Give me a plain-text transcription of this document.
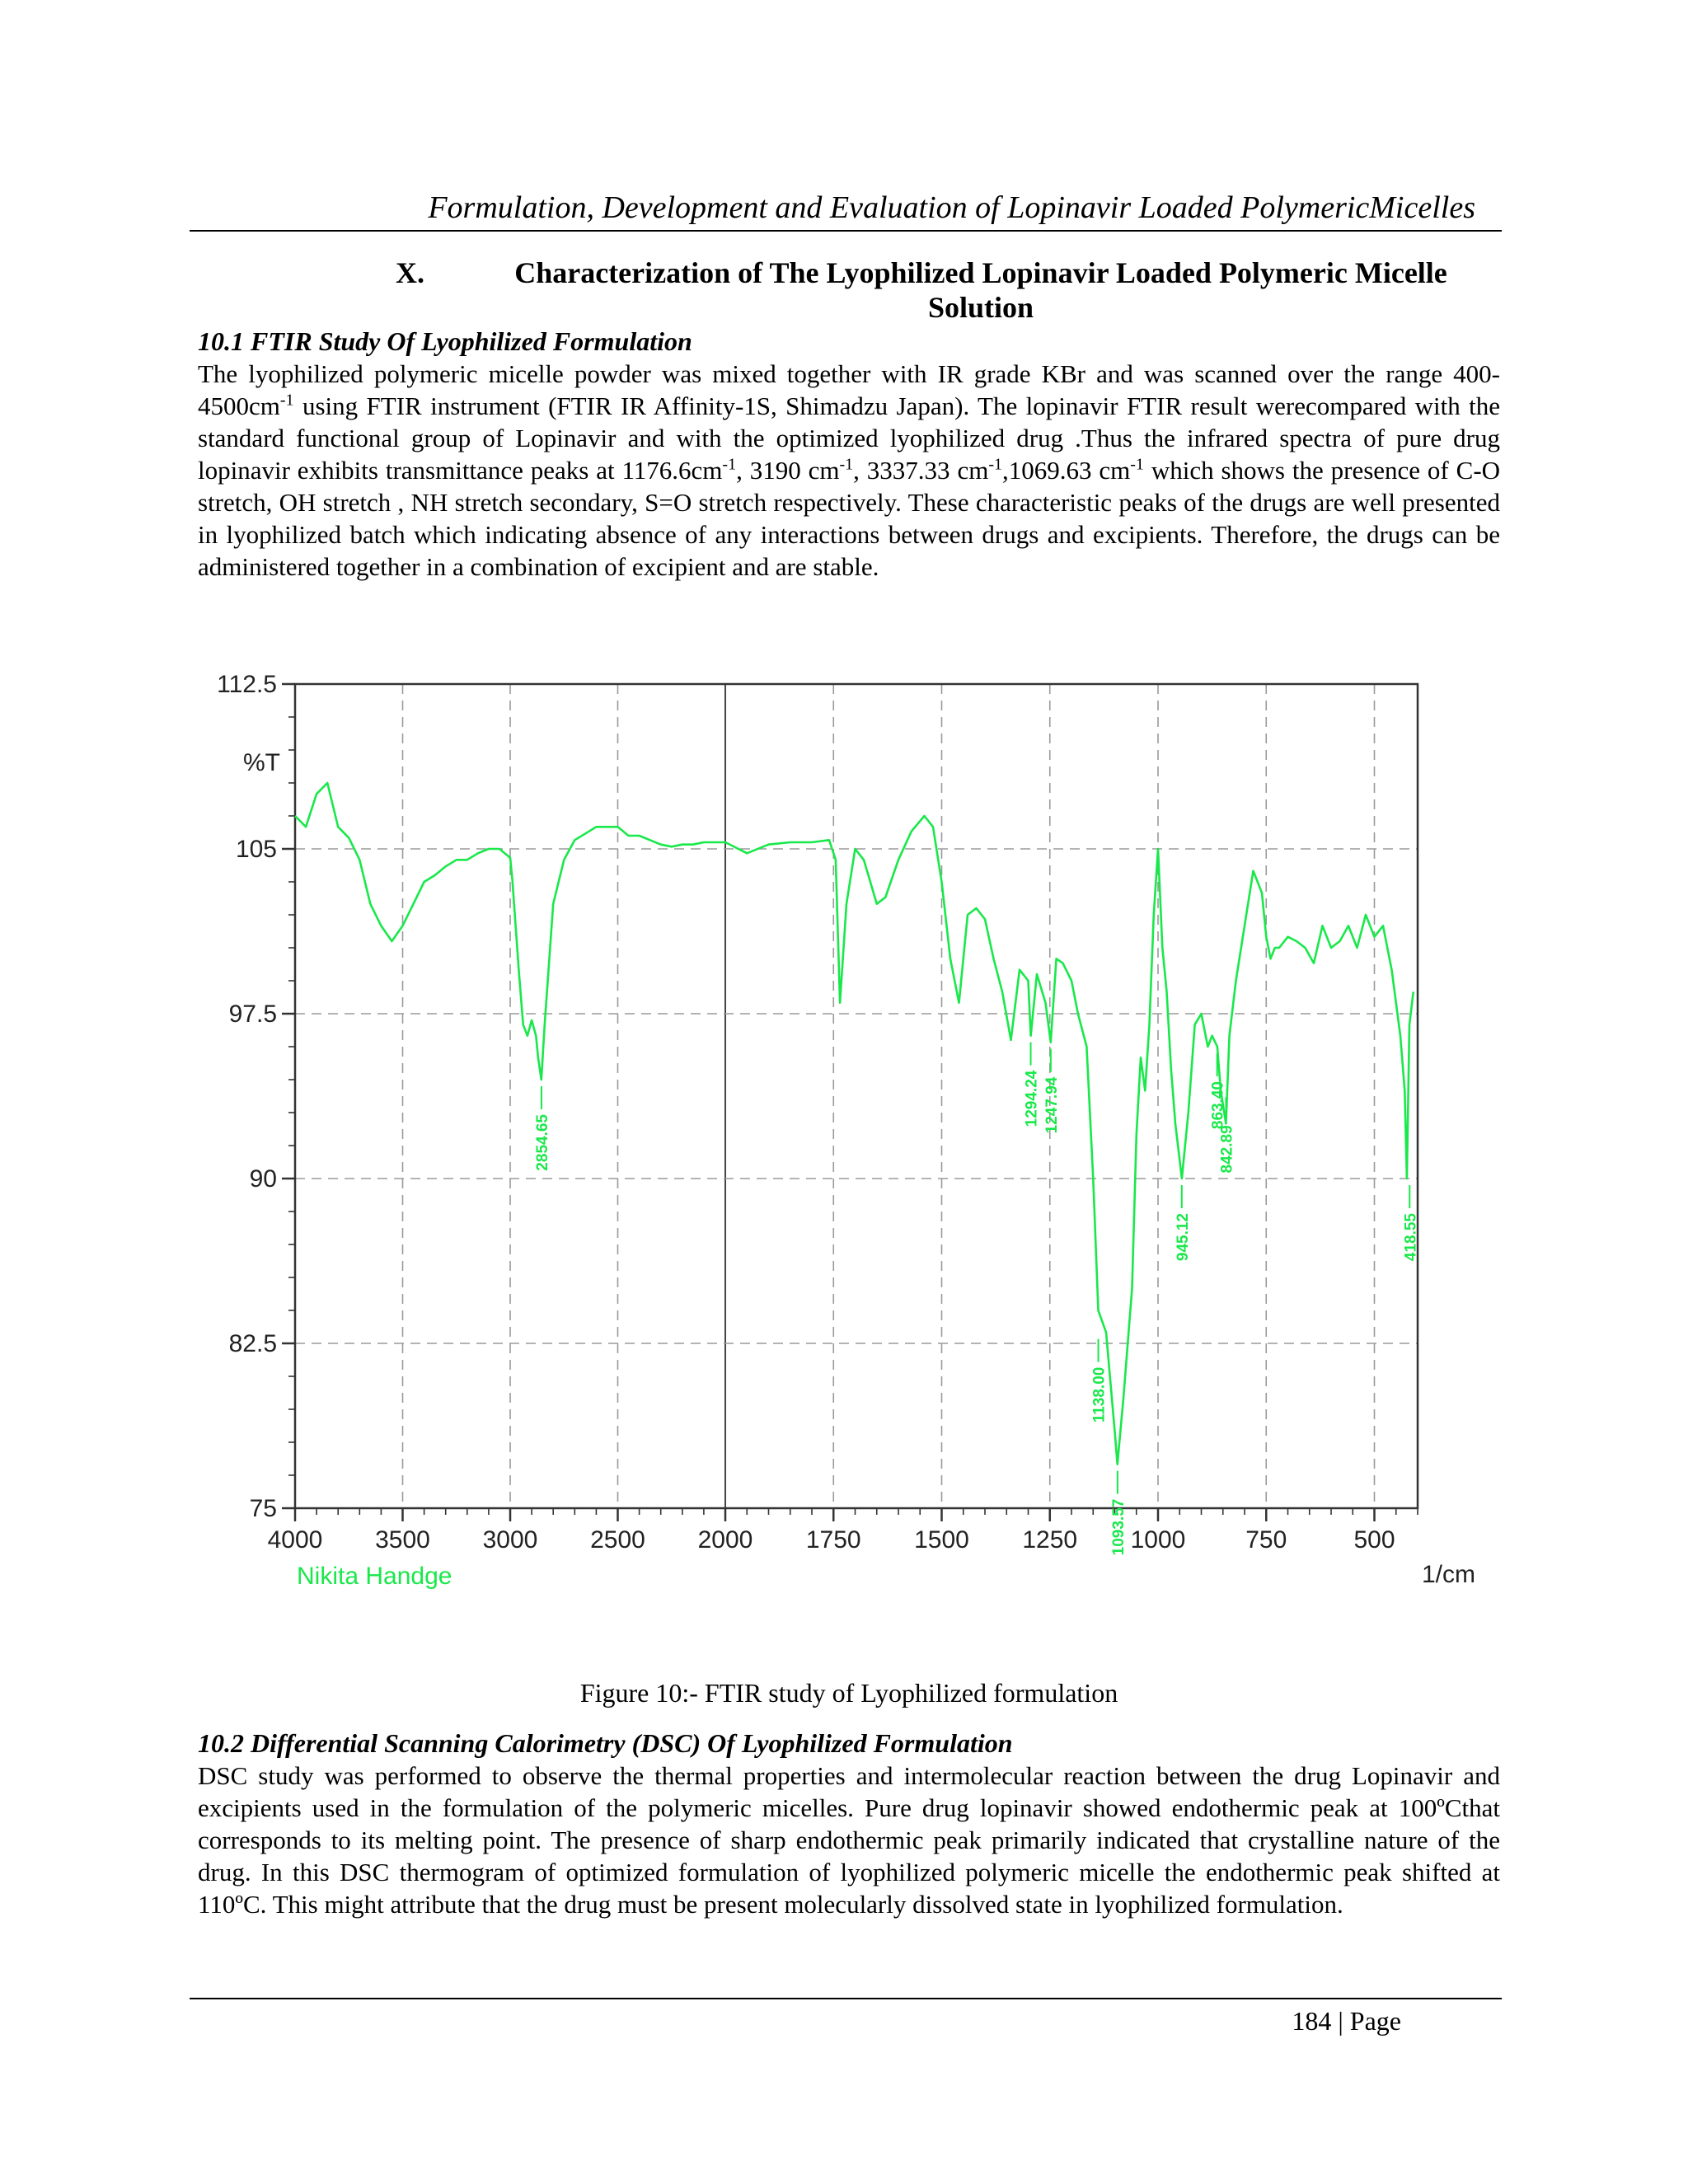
Formulation, Development and Evaluation of Lopinavir Loaded PolymericMicelles
X.	Characterization of The Lyophilized Lopinavir Loaded Polymeric Micelle Solution
10.1 FTIR Study Of Lyophilized Formulation
The lyophilized polymeric micelle powder was mixed together with IR grade KBr and was scanned over the range $400-4500cm^{-1}$ using FTIR instrument (FTIR IR Affinity-1S, Shimadzu Japan). The lopinavir FTIR result werecompared with the standard functional group of Lopinavir and with the optimized lyophilized drug .Thus the infrared spectra of pure drug lopinavir exhibits transmittance peaks at $1176.6cm^{-1}$, 3190 $cm^{-1}$, 3337.33 $cm^{-1},1069.63$ $cm^{-1}$ which shows the presence of C-O stretch, OH stretch , NH stretch secondary, S=O stretch respectively. These characteristic peaks of the drugs are well presented in lyophilized batch which indicating absence of any interactions between drugs and excipients. Therefore, the drugs can be administered together in a combination of excipient and are stable.
112.5
105
97.5
90
82.5
75
4000 3500 3000 2500 2000 1750 1500 1250 1000 750	500
2854.65
1294.24 1247.94
1138.00
1093.57
945.12
863.40
842.89
418.55
%T
1/cm
Nikita Handge
Figure 10:- FTIR study of Lyophilized formulation
10.2 Differential Scanning Calorimetry (DSC) Of Lyophilized Formulation
DSC study was performed to observe the thermal properties and intermolecular reaction between the drug Lopinavir and excipients used in the formulation of the polymeric micelles. Pure drug lopinavir showed endothermic peak at 100ºCthat corresponds to its melting point. The presence of sharp endothermic peak primarily indicated that crystalline nature of the drug. In this DSC thermogram of optimized formulation of lyophilized polymeric micelle the endothermic peak shifted at 110ºC. This might attribute that the drug must be present molecularly dissolved state in lyophilized formulation.
184 | Page
